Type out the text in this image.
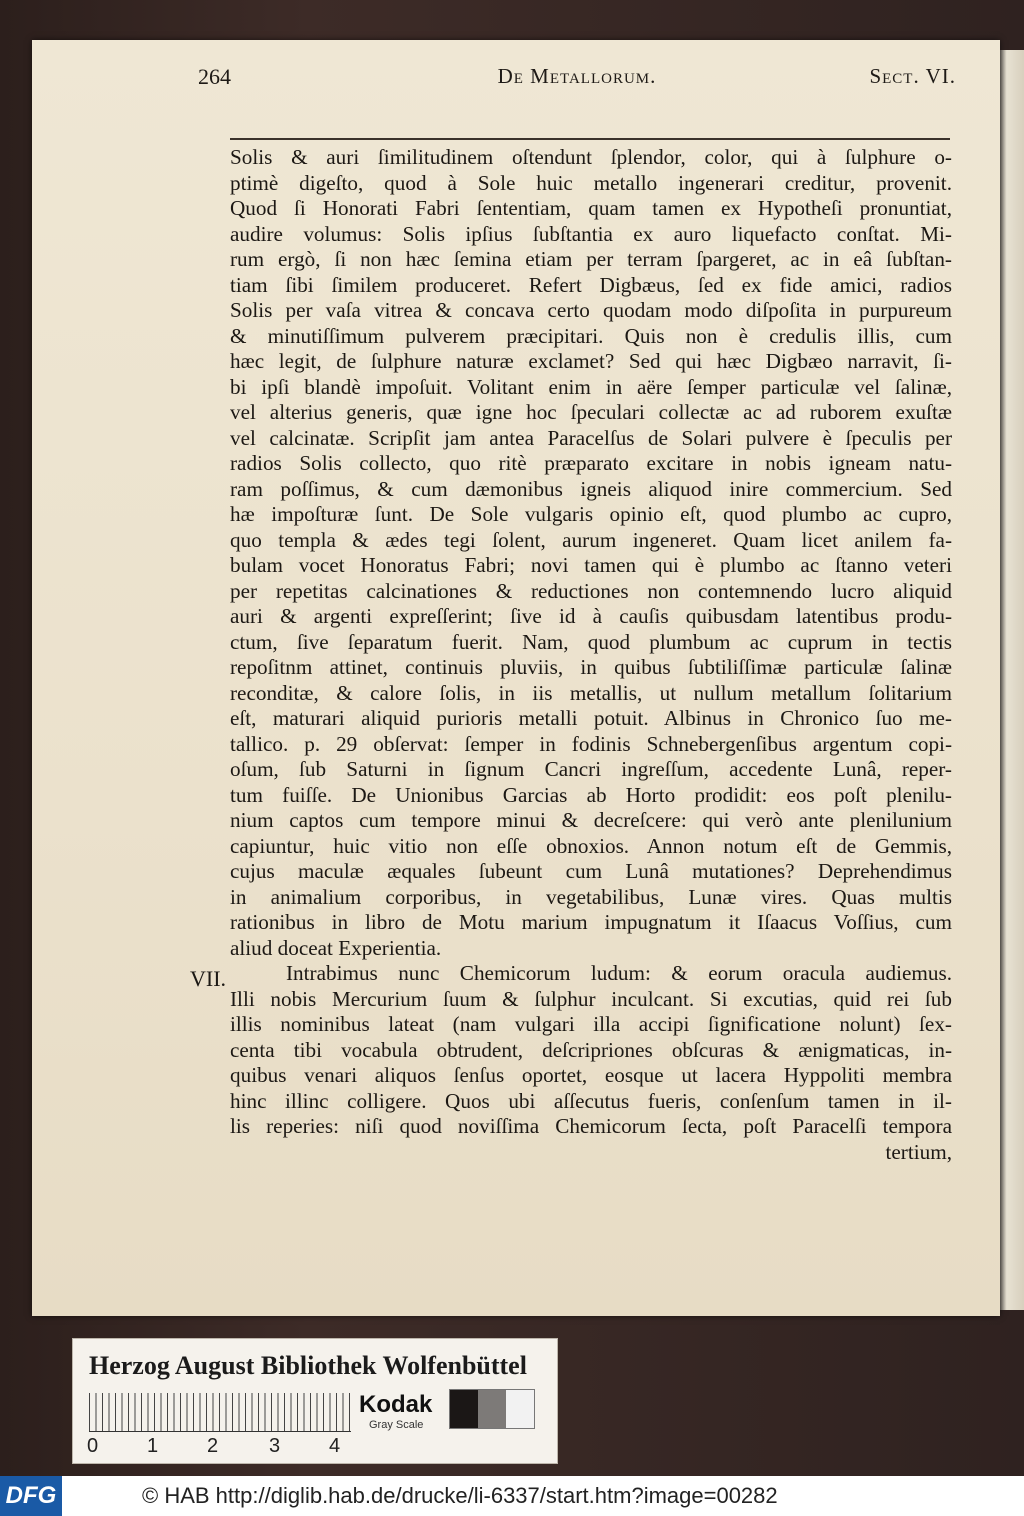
264	De Metallorum.	Sect. VI.
Solis & auri ſimilitudinem oſtendunt ſplendor, color, qui à ſulphure o-
ptimè digeſto, quod à Sole huic metallo ingenerari creditur, provenit.
Quod ſi Honorati Fabri ſententiam, quam tamen ex Hypotheſi pronuntiat,
audire volumus: Solis ipſius ſubſtantia ex auro liquefacto conſtat. Mi-
rum ergò, ſi non hæc ſemina etiam per terram ſpargeret, ac in eâ ſubſtan-
tiam ſibi ſimilem produceret. Refert Digbæus, ſed ex fide amici, radios
Solis per vaſa vitrea & concava certo quodam modo diſpoſita in purpureum
& minutiſſimum pulverem præcipitari. Quis non è credulis illis, cum
hæc legit, de ſulphure naturæ exclamet? Sed qui hæc Digbæo narravit, ſi-
bi ipſi blandè impoſuit. Volitant enim in aëre ſemper particulæ vel ſalinæ,
vel alterius generis, quæ igne hoc ſpeculari collectæ ac ad ruborem exuſtæ
vel calcinatæ. Scripſit jam antea Paracelſus de Solari pulvere è ſpeculis per
radios Solis collecto, quo ritè præparato excitare in nobis igneam natu-
ram poſſimus, & cum dæmonibus igneis aliquod inire commercium. Sed
hæ impoſturæ ſunt. De Sole vulgaris opinio eſt, quod plumbo ac cupro,
quo templa & ædes tegi ſolent, aurum ingeneret. Quam licet anilem fa-
bulam vocet Honoratus Fabri; novi tamen qui è plumbo ac ſtanno veteri
per repetitas calcinationes & reductiones non contemnendo lucro aliquid
auri & argenti expreſſerint; ſive id à cauſis quibusdam latentibus produ-
ctum, ſive ſeparatum fuerit. Nam, quod plumbum ac cuprum in tectis
repoſitnm attinet, continuis pluviis, in quibus ſubtiliſſimæ particulæ ſalinæ
reconditæ, & calore ſolis, in iis metallis, ut nullum metallum ſolitarium
eſt, maturari aliquid purioris metalli potuit. Albinus in Chronico ſuo me-
tallico. p. 29 obſervat: ſemper in fodinis Schnebergenſibus argentum copi-
oſum, ſub Saturni in ſignum Cancri ingreſſum, accedente Lunâ, reper-
tum fuiſſe. De Unionibus Garcias ab Horto prodidit: eos poſt plenilu-
nium captos cum tempore minui & decreſcere: qui verò ante plenilunium
capiuntur, huic vitio non eſſe obnoxios. Annon notum eſt de Gemmis,
cujus maculæ æquales ſubeunt cum Lunâ mutationes? Deprehendimus
in animalium corporibus, in vegetabilibus, Lunæ vires. Quas multis
rationibus in libro de Motu marium impugnatum it Iſaacus Voſſius, cum
aliud doceat Experientia.
Intrabimus nunc Chemicorum ludum: & eorum oracula audiemus.
Illi nobis Mercurium ſuum & ſulphur inculcant. Si excutias, quid rei ſub
illis nominibus lateat (nam vulgari illa accipi ſignificatione nolunt) ſex-
centa tibi vocabula obtrudent, deſcripriones obſcuras & ænigmaticas, in-
quibus venari aliquos ſenſus oportet, eosque ut lacera Hyppoliti membra
hinc illinc colligere. Quos ubi aſſecutus fueris, conſenſum tamen in il-
lis reperies: niſi quod noviſſima Chemicorum ſecta, poſt Paracelſi tempora
tertium,
VII.
Herzog August Bibliothek Wolfenbüttel
0 1 2	3 4
Kodak
Gray Scale
DFG	© HAB http://diglib.hab.de/drucke/li-6337/start.htm?image=00282
